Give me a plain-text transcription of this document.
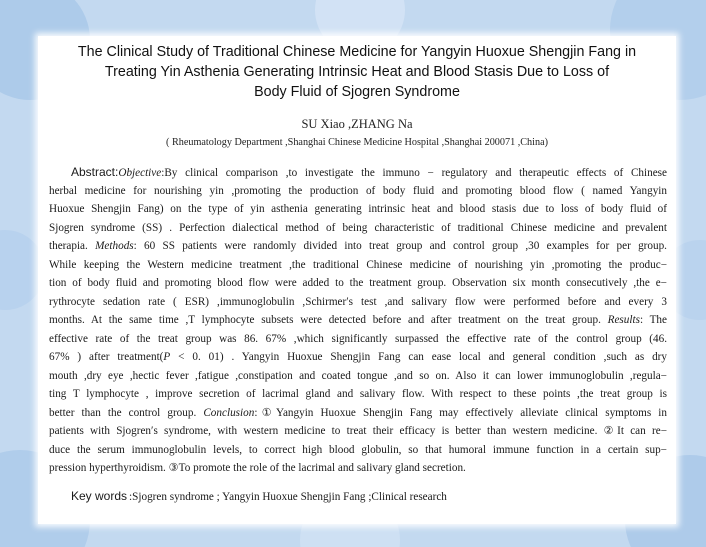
The Clinical Study of Traditional Chinese Medicine for Yangyin Huoxue Shengjin Fang in
Treating Yin Asthenia Generating Intrinsic Heat and Blood Stasis Due to Loss of
Body Fluid of Sjogren Syndrome
SU Xiao ,ZHANG Na
( Rheumatology Department ,Shanghai Chinese Medicine Hospital ,Shanghai 200071 ,China)
Abstract:Objective:By clinical comparison ,to investigate the immuno − regulatory and therapeutic effects of Chinese
herbal medicine for nourishing yin ,promoting the production of body fluid and promoting blood flow ( named Yangyin
Huoxue Shengjin Fang) on the type of yin asthenia generating intrinsic heat and blood stasis due to loss of body fluid of
Sjogren syndrome (SS) . Perfection dialectical method of being characteristic of traditional Chinese medicine and prevalent
therapia. Methods: 60 SS patients were randomly divided into treat group and control group ,30 examples for per group.
While keeping the Western medicine treatment ,the traditional Chinese medicine of nourishing yin ,promoting the produc−
tion of body fluid and promoting blood flow were added to the treatment group. Observation six month consecutively ,the e−
rythrocyte sedation rate ( ESR) ,immunoglobulin ,Schirmer′s test ,and salivary flow were performed before and every 3
months. At the same time ,T lymphocyte subsets were detected before and after treatment on the treat group. Results: The
effective rate of the treat group was 86. 67% ,which significantly surpassed the effective rate of the control group (46.
67% ) after treatment(P < 0. 01) . Yangyin Huoxue Shengjin Fang can ease local and general condition ,such as dry
mouth ,dry eye ,hectic fever ,fatigue ,constipation and coated tongue ,and so on. Also it can lower immunoglobulin ,regula−
ting T lymphocyte , improve secretion of lacrimal gland and salivary flow. With respect to these points ,the treat group is
better than the control group. Conclusion:①Yangyin Huoxue Shengjin Fang may effectively alleviate clinical symptoms in
patients with Sjogren′s syndrome, with western medicine to treat their efficacy is better than western medicine. ②It can re−
duce the serum immunoglobulin levels, to correct high blood globulin, so that humoral immune function in a certain sup−
pression hyperthyroidism. ③To promote the role of the lacrimal and salivary gland secretion.
Key words :Sjogren syndrome ; Yangyin Huoxue Shengjin Fang ;Clinical research
